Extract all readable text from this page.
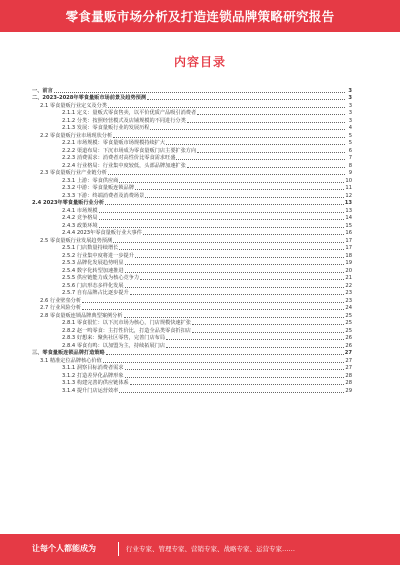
零食量贩市场分析及打造连锁品牌策略研究报告
内容目录
一、前言	3
二、2023-2028年零食量贩市场前景及趋势预测	3
2.1 零食量贩行业定义及分类	3
2.1.1 定义：量贩式零食售卖，以平价优质产品吸引消费者	3
2.1.2 分类：按照经营模式及店铺规模的不同进行分类	3
2.1.3 发展：零食量贩行业的发展历程	4
2.2 零食量贩行业市场现状分析	5
2.2.1 市场规模：零食量贩市场规模持续扩大	5
2.2.2 渠道布局：下沉市场成为零食量贩门店主要扩张方向	6
2.2.3 消费需求：消费者对高性价比零食需求旺盛	7
2.2.4 行业格局：行业集中度较低，头部品牌加速扩张	8
2.3 零食量贩行业产业链分析	9
2.3.1 上游：零食供应商	10
2.3.2 中游：零食量贩连锁品牌	11
2.3.3 下游：终端消费者及消费场景	12
2.4 2023年零食量贩行业分析	13
2.4.1 市场规模	13
2.4.2 竞争格局	14
2.4.3 政策环境	15
2.4.4 2023年零食量贩行业大事件	16
2.5 零食量贩行业发展趋势预测	17
2.5.1 门店数量持续增长	17
2.5.2 行业集中度将进一步提升	18
2.5.3 品牌化发展趋势明显	19
2.5.4 数字化转型加速推进	20
2.5.5 供应链能力成为核心竞争力	21
2.5.6 门店形态多样化发展	22
2.5.7 自有品牌占比逐步提升	23
2.6 行业壁垒分析	23
2.7 行业风险分析	24
2.8 零食量贩连锁品牌典型案例分析	25
2.8.1 零食很忙：以下沉市场为核心，门店规模快速扩张	25
2.8.2 赵一鸣零食：主打性价比，打造全品类零食折扣店	25
2.8.3 好想来：聚焦社区零售，完善门店布局	26
2.8.4 零食有鸣：以加盟为主，持续拓展门店	26
三、零食量贩连锁品牌打造策略	27
3.1 精准定位品牌核心价值	27
3.1.1 洞察目标消费者需求	27
3.1.2 打造差异化品牌形象	28
3.1.3 构建完善的供应链体系	28
3.1.4 提升门店运营效率	29
让每个人都能成为	行业专家、管理专家、营销专家、战略专家、运营专家……
